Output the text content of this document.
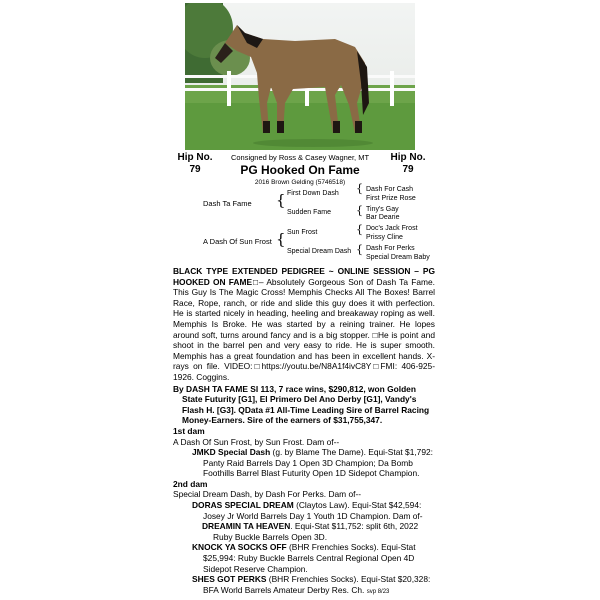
Hip No.
79
Hip No.
79
Consigned by Ross & Casey Wagner, MT
PG Hooked On Fame
2016 Brown Gelding (5746518)
Dash Ta Fame { First Down Dash
Sudden Fame
{ Dash For Cash
First Prize Rose
{ Tiny's Gay
Bar Dearie
A Dash Of Sun Frost { Sun Frost
Special Dream Dash
{ Doc's Jack Frost
Prissy Cline
{ Dash For Perks
Special Dream Baby

BLACK TYPE EXTENDED PEDIGREE ~ ONLINE SESSION – PG HOOKED ON FAME□– Absolutely Gorgeous Son of Dash Ta Fame. This Guy Is The Magic Cross! Memphis Checks All The Boxes! Barrel Race, Rope, ranch, or ride and slide this guy does it with perfection. He is started nicely in heading, heeling and breakaway roping as well. Memphis Is Broke. He was started by a reining trainer. He lopes around soft, turns around fancy and is a big stopper. □He is point and shoot in the barrel pen and very easy to ride. He is super smooth. Memphis has a great foundation and has been in excellent hands. X-rays on file. VIDEO:□https://youtu.be/N8A1f4ivC8Y□FMI: 406-925-1926. Coggins.

By DASH TA FAME SI 113, 7 race wins, $290,812, won Golden State Futurity [G1], El Primero Del Ano Derby [G1], Vandy's Flash H. [G3]. QData #1 All-Time Leading Sire of Barrel Racing Money-Earners. Sire of the earners of $31,755,347.

1st dam

A Dash Of Sun Frost, by Sun Frost. Dam of--

JMKD Special Dash (g. by Blame The Dame). Equi-Stat $1,792: Panty Raid Barrels Day 1 Open 3D Champion; Da Bomb Foothills Barrel Blast Futurity Open 1D Sidepot Champion.

2nd dam

Special Dream Dash, by Dash For Perks. Dam of--

DORAS SPECIAL DREAM (Claytos Law). Equi-Stat $42,594: Josey Jr World Barrels Day 1 Youth 1D Champion. Dam of-

DREAMIN TA HEAVEN. Equi-Stat $11,752: split 6th, 2022 Ruby Buckle Barrels Open 3D.

KNOCK YA SOCKS OFF (BHR Frenchies Socks). Equi-Stat $25,994: Ruby Buckle Barrels Central Regional Open 4D Sidepot Reserve Champion.

SHES GOT PERKS (BHR Frenchies Socks). Equi-Stat $20,328: BFA World Barrels Amateur Derby Res. Ch. svp 8/23
